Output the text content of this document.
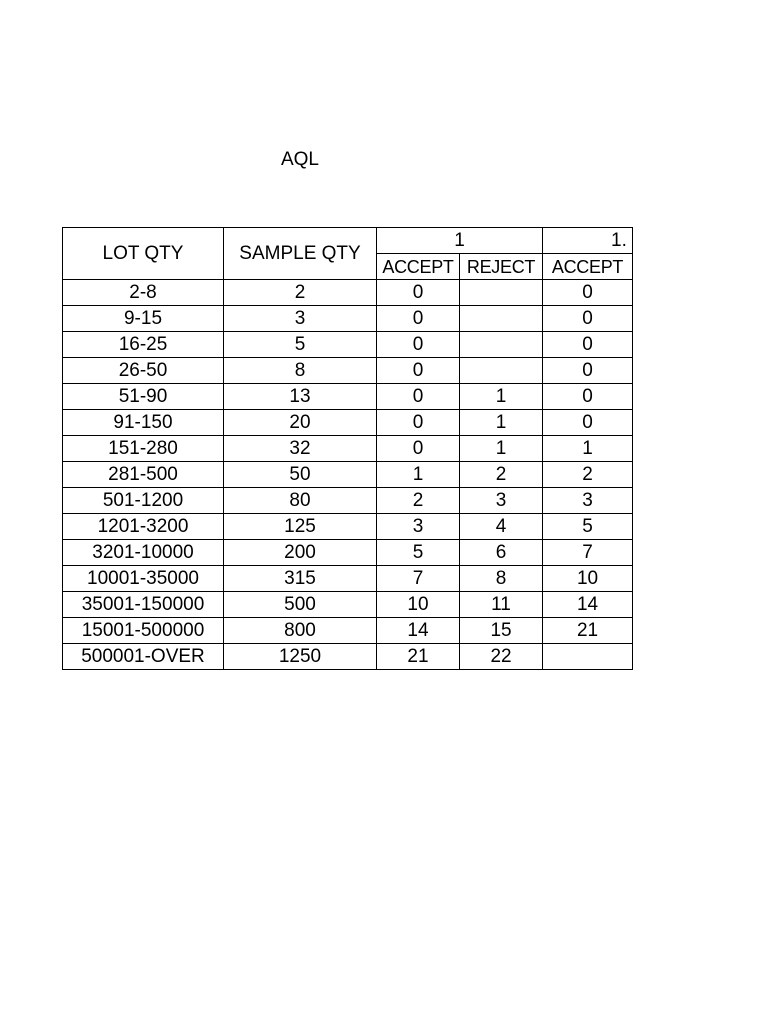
AQL
LOT QTY	SAMPLE QTY	1		1.
		ACCEPT	REJECT	ACCEPT
2-8	2	0		0
9-15	3	0		0
16-25	5	0		0
26-50	8	0		0
51-90	13	0	1	0
91-150	20	0	1	0
151-280	32	0	1	1
281-500	50	1	2	2
501-1200	80	2	3	3
1201-3200	125	3	4	5
3201-10000	200	5	6	7
10001-35000	315	7	8	10
35001-150000	500	10	11	14
15001-500000	800	14	15	21
500001-OVER	1250	21	22	
